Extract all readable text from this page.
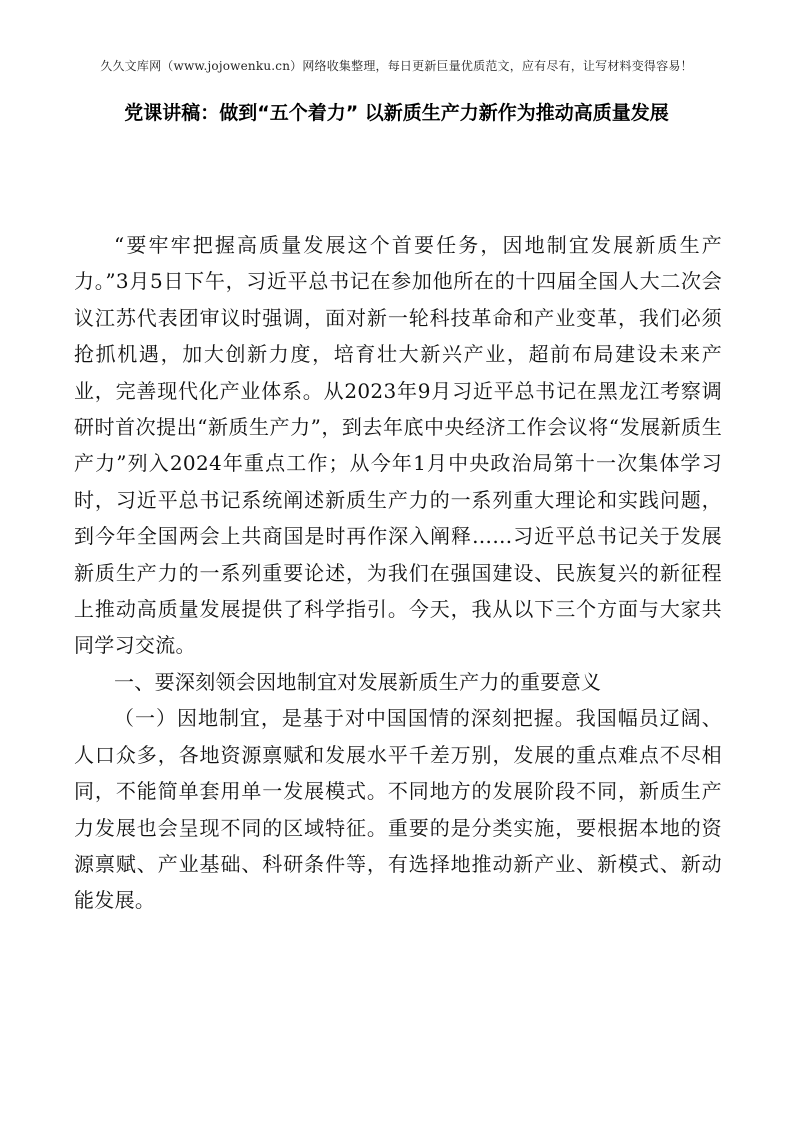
久久文库网（www.jojowenku.cn）网络收集整理，每日更新巨量优质范文，应有尽有，让写材料变得容易！
党课讲稿：做到“五个着力” 以新质生产力新作为推动高质量发展

“要牢牢把握高质量发展这个首要任务，因地制宜发展新质生产力。”3月5日下午，习近平总书记在参加他所在的十四届全国人大二次会议江苏代表团审议时强调，面对新一轮科技革命和产业变革，我们必须抢抓机遇，加大创新力度，培育壮大新兴产业，超前布局建设未来产业，完善现代化产业体系。从2023年9月习近平总书记在黑龙江考察调研时首次提出“新质生产力”，到去年底中央经济工作会议将“发展新质生产力”列入2024年重点工作；从今年1月中央政治局第十一次集体学习时，习近平总书记系统阐述新质生产力的一系列重大理论和实践问题，到今年全国两会上共商国是时再作深入阐释……习近平总书记关于发展新质生产力的一系列重要论述，为我们在强国建设、民族复兴的新征程上推动高质量发展提供了科学指引。今天，我从以下三个方面与大家共同学习交流。

一、要深刻领会因地制宜对发展新质生产力的重要意义

（一）因地制宜，是基于对中国国情的深刻把握。我国幅员辽阔、人口众多，各地资源禀赋和发展水平千差万别，发展的重点难点不尽相同，不能简单套用单一发展模式。不同地方的发展阶段不同，新质生产力发展也会呈现不同的区域特征。重要的是分类实施，要根据本地的资源禀赋、产业基础、科研条件等，有选择地推动新产业、新模式、新动能发展。
